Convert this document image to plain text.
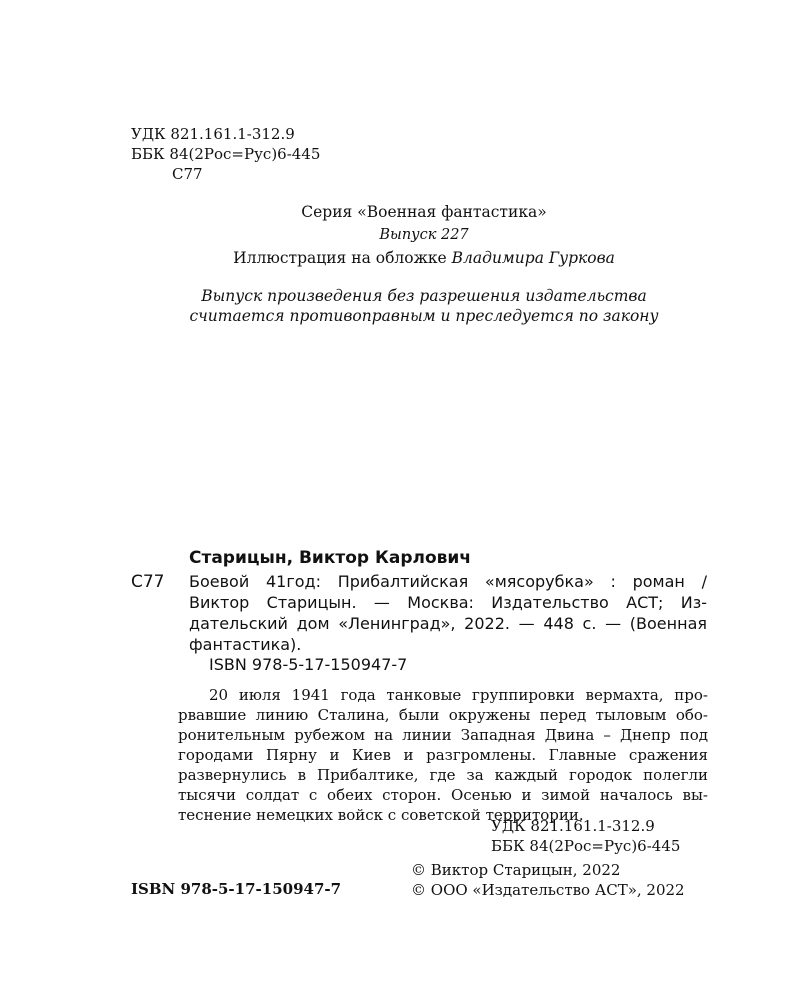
УДК 821.161.1-312.9
ББК 84(2Рос=Рус)6-445
С77
Серия «Военная фантастика»
Выпуск 227
Иллюстрация на обложке Владимира Гуркова
Выпуск произведения без разрешения издательства
считается противоправным и преследуется по закону
Старицын, Виктор Карлович
С77 Боевой 41год: Прибалтийская «мясорубка» : роман /
Виктор Старицын. — Москва: Издательство АСТ; Из-
дательский дом «Ленинград», 2022. — 448 с. — (Военная
фантастика).
ISBN 978-5-17-150947-7
20 июля 1941 года танковые группировки вермахта, про-
рвавшие линию Сталина, были окружены перед тыловым обо-
ронительным рубежом на линии Западная Двина – Днепр под
городами Пярну и Киев и разгромлены. Главные сражения
развернулись в Прибалтике, где за каждый городок полегли
тысячи солдат с обеих сторон. Осенью и зимой началось вы-
теснение немецких войск с советской территории.
УДК 821.161.1-312.9
ББК 84(2Рос=Рус)6-445
© Виктор Старицын, 2022
© ООО «Издательство АСТ», 2022
ISBN 978-5-17-150947-7
